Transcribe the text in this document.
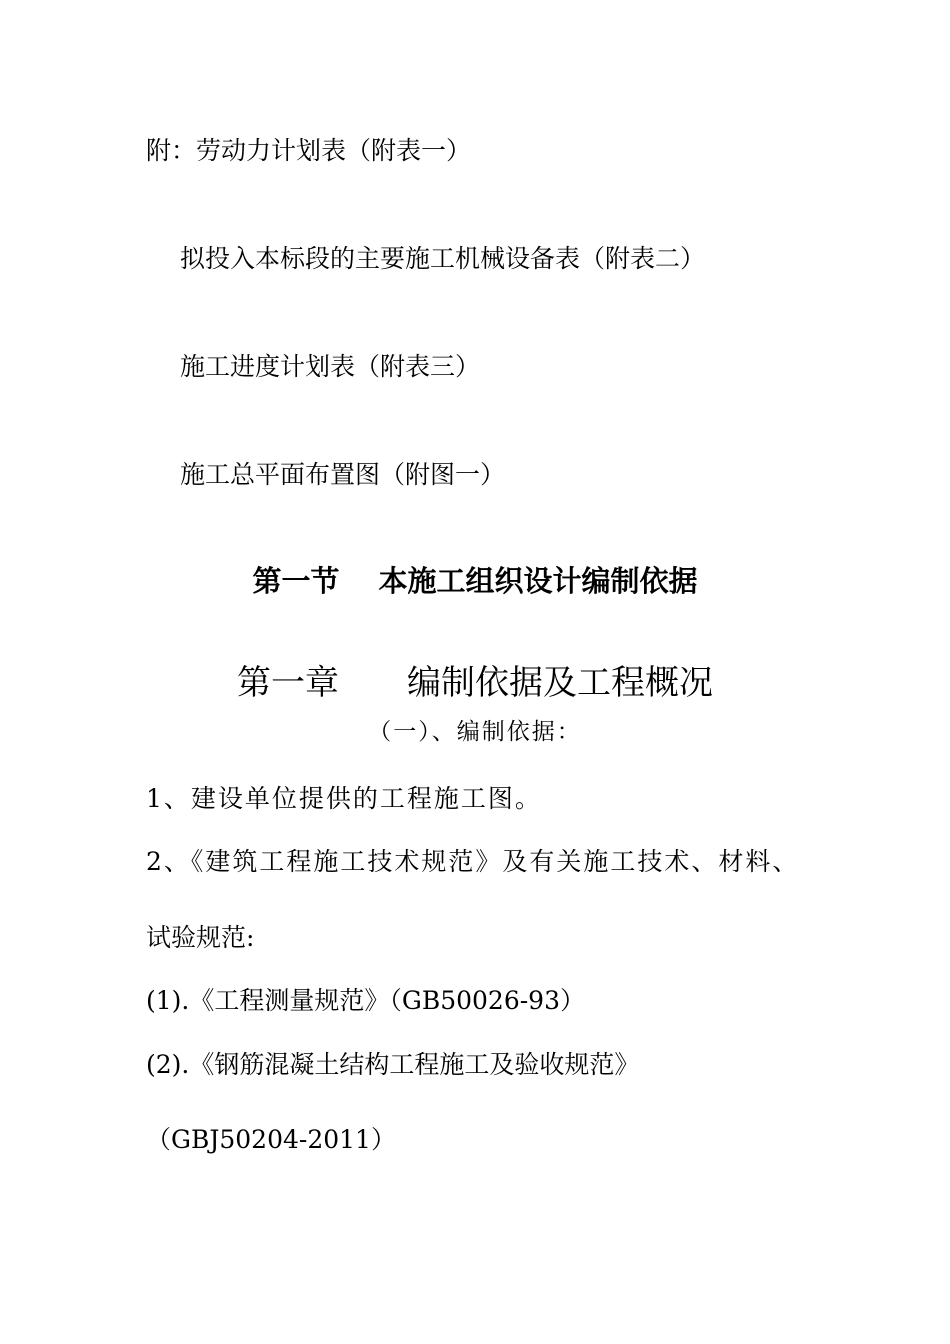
附：劳动力计划表（附表一）
拟投入本标段的主要施工机械设备表（附表二）
施工进度计划表（附表三）
施工总平面布置图（附图一）
第一节　 本施工组织设计编制依据
第一章　　编制依据及工程概况
（一）、编制依据：
1、建设单位提供的工程施工图。
2、《建筑工程施工技术规范》及有关施工技术、材料、
试验规范:
(1).《工程测量规范》（GB50026-93）
(2).《钢筋混凝土结构工程施工及验收规范》
（GBJ50204-2011）
